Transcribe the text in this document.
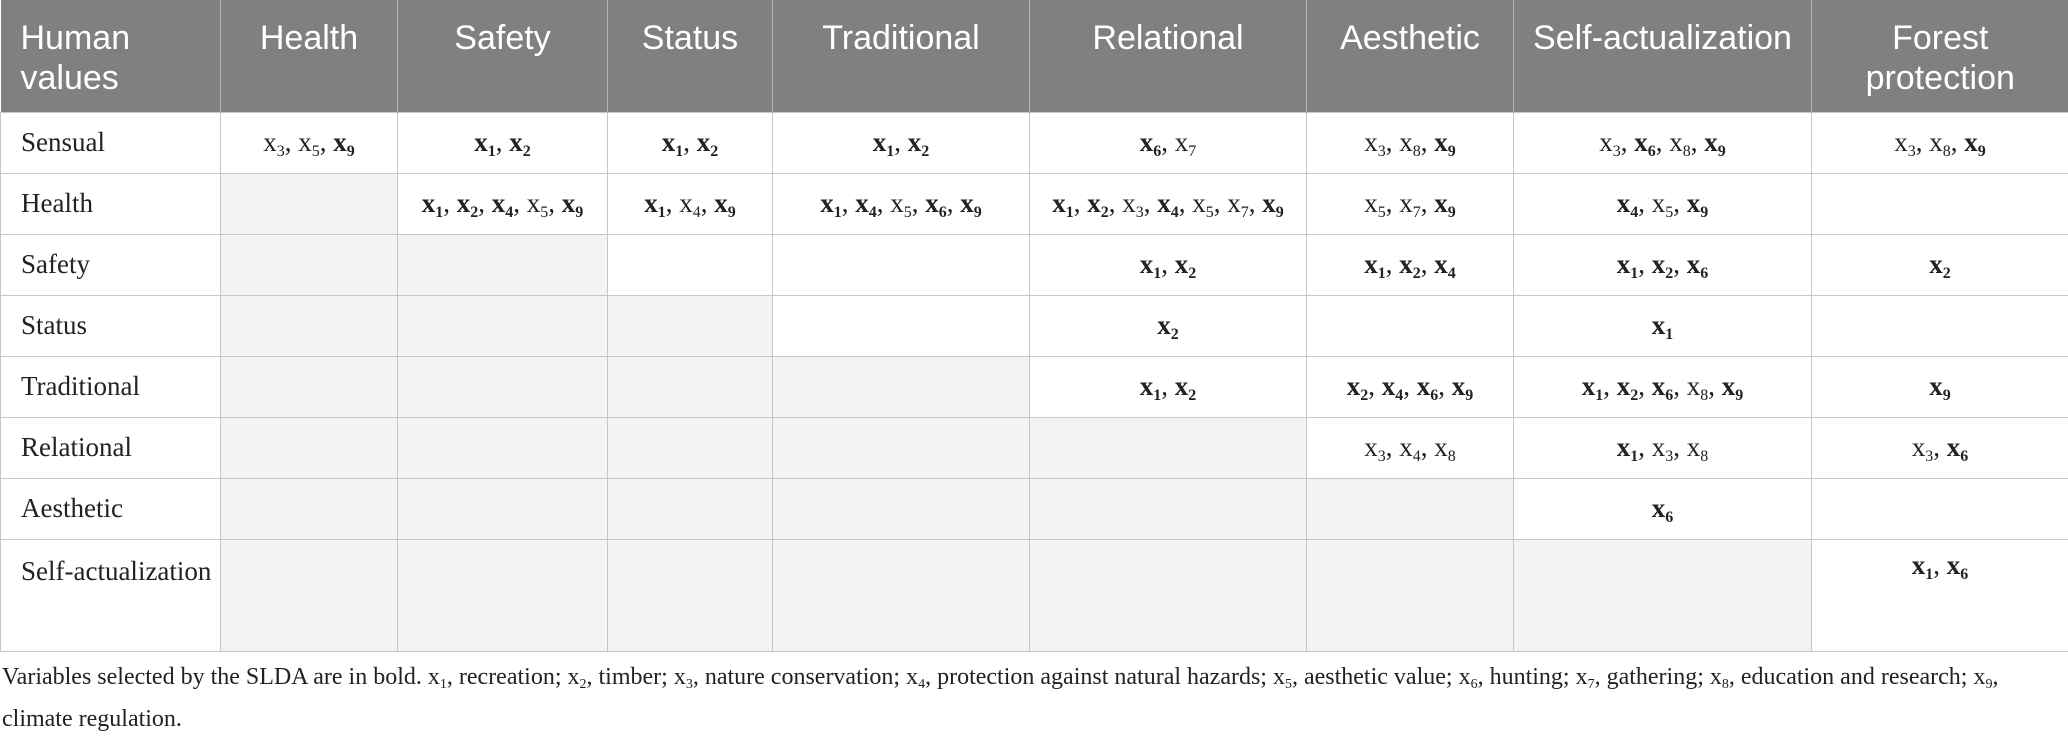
Human values	Health	Safety	Status	Traditional	Relational	Aesthetic	Self-actualization	Forest protection

Sensual	$x_3$, $x_5$, $x_9$	$x_1$, $x_2$	$x_1$, $x_2$	$x_1$, $x_2$	$x_6$, $x_7$	$x_3$, $x_8$, $x_9$	$x_3$, $x_6$, $x_8$, $x_9$	$x_3$, $x_8$, $x_9$
Health		$x_1$, $x_2$, $x_4$, $x_5$, $x_9$	$x_1$, $x_4$, $x_9$	$x_1$, $x_4$, $x_5$, $x_6$, $x_9$	$x_1$, $x_2$, $x_3$, $x_4$, $x_5$, $x_7$, $x_9$	$x_5$, $x_7$, $x_9$	$x_4$, $x_5$, $x_9$	
Safety					$x_1$, $x_2$	$x_1$, $x_2$, $x_4$	$x_1$, $x_2$, $x_6$	$x_2$
Status					$x_2$		$x_1$	
Traditional					$x_1$, $x_2$	$x_2$, $x_4$, $x_6$, $x_9$	$x_1$, $x_2$, $x_6$, $x_8$, $x_9$	$x_9$
Relational						$x_3$, $x_4$, $x_8$	$x_1$, $x_3$, $x_8$	$x_3$, $x_6$
Aesthetic							$x_6$	
Self-actualization								$x_1$, $x_6$
Variables selected by the SLDA are in bold. $x_1$, recreation; $x_2$, timber; $x_3$, nature conservation; $x_4$, protection against natural hazards; $x_5$, aesthetic value; $x_6$, hunting; $x_7$, gathering; $x_8$, education and research; $x_9$, climate regulation.
